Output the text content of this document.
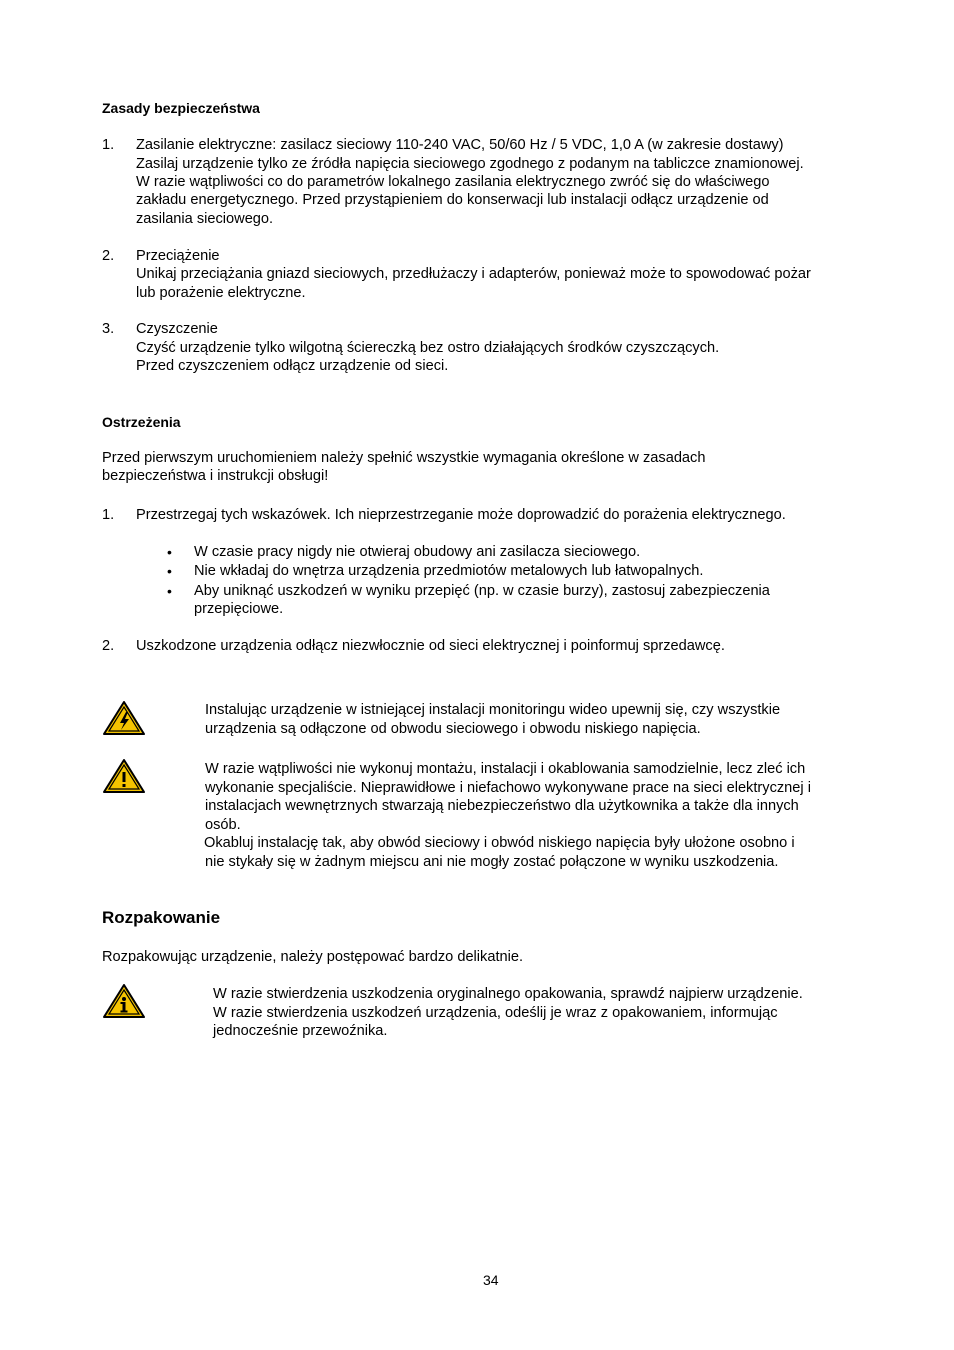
Zasady bezpieczeństwa
1. Zasilanie elektryczne: zasilacz sieciowy 110-240 VAC, 50/60 Hz / 5 VDC, 1,0 A (w zakresie dostawy)
Zasilaj urządzenie tylko ze źródła napięcia sieciowego zgodnego z podanym na tabliczce znamionowej.
W razie wątpliwości co do parametrów lokalnego zasilania elektrycznego zwróć się do właściwego
zakładu energetycznego. Przed przystąpieniem do konserwacji lub instalacji odłącz urządzenie od
zasilania sieciowego.
2. Przeciążenie
Unikaj przeciążania gniazd sieciowych, przedłużaczy i adapterów, ponieważ może to spowodować pożar
lub porażenie elektryczne.
3. Czyszczenie
Czyść urządzenie tylko wilgotną ściereczką bez ostro działających środków czyszczących.
Przed czyszczeniem odłącz urządzenie od sieci.
Ostrzeżenia
Przed pierwszym uruchomieniem należy spełnić wszystkie wymagania określone w zasadach
bezpieczeństwa i instrukcji obsługi!
1. Przestrzegaj tych wskazówek. Ich nieprzestrzeganie może doprowadzić do porażenia elektrycznego.
• W czasie pracy nigdy nie otwieraj obudowy ani zasilacza sieciowego.
• Nie wkładaj do wnętrza urządzenia przedmiotów metalowych lub łatwopalnych.
• Aby uniknąć uszkodzeń w wyniku przepięć (np. w czasie burzy), zastosuj zabezpieczenia
przepięciowe.
2. Uszkodzone urządzenia odłącz niezwłocznie od sieci elektrycznej i poinformuj sprzedawcę.
Instalując urządzenie w istniejącej instalacji monitoringu wideo upewnij się, czy wszystkie
urządzenia są odłączone od obwodu sieciowego i obwodu niskiego napięcia.
W razie wątpliwości nie wykonuj montażu, instalacji i okablowania samodzielnie, lecz zleć ich
wykonanie specjaliście. Nieprawidłowe i niefachowo wykonywane prace na sieci elektrycznej i
instalacjach wewnętrznych stwarzają niebezpieczeństwo dla użytkownika a także dla innych
osób.
Okabluj instalację tak, aby obwód sieciowy i obwód niskiego napięcia były ułożone osobno i
nie stykały się w żadnym miejscu ani nie mogły zostać połączone w wyniku uszkodzenia.
Rozpakowanie
Rozpakowując urządzenie, należy postępować bardzo delikatnie.
W razie stwierdzenia uszkodzenia oryginalnego opakowania, sprawdź najpierw urządzenie.
W razie stwierdzenia uszkodzeń urządzenia, odeślij je wraz z opakowaniem, informując
jednocześnie przewoźnika.
34
